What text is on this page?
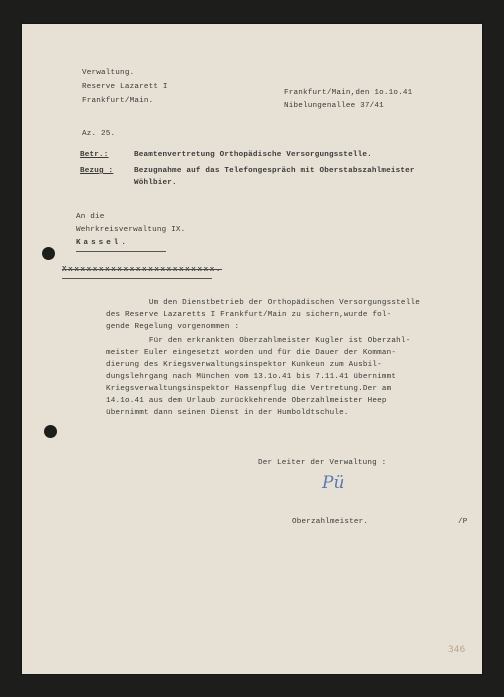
Verwaltung.

Reserve Lazarett I

Frankfurt/Main.

Frankfurt/Main,den 1o.1o.41

Nibelungenallee 37/41

Az. 25.

Betr.:	Beamtenvertretung Orthopädische Versorgungsstelle.

Bezug :	Bezugnahme auf das Telefongespräch mit Oberstabszahlmeister

Wöhlbier.

An die

Wehrkreisverwaltung IX.

Kassel.

Xxxxxxxxxxxxxxxxxxxxxxxxx.

Um den Dienstbetrieb der Orthopädischen Versorgungsstelle

des Reserve Lazaretts I Frankfurt/Main zu sichern,wurde fol-

gende Regelung vorgenommen :

Für den erkrankten Oberzahlmeister Kugler ist Oberzahl-

meister Euler eingesetzt worden und für die Dauer der Komman-

dierung des Kriegsverwaltungsinspektor Kunkeun zum Ausbil-

dungslehrgang nach München vom 13.1o.41 bis 7.11.41 übernimmt

Kriegsverwaltungsinspektor Hassenpflug die Vertretung.Der am

14.1o.41 aus dem Urlaub zurückkehrende Oberzahlmeister Heep

übernimmt dann seinen Dienst in der Humboldtschule.

Der Leiter der Verwaltung :

Pü

Oberzahlmeister.	/P

346
